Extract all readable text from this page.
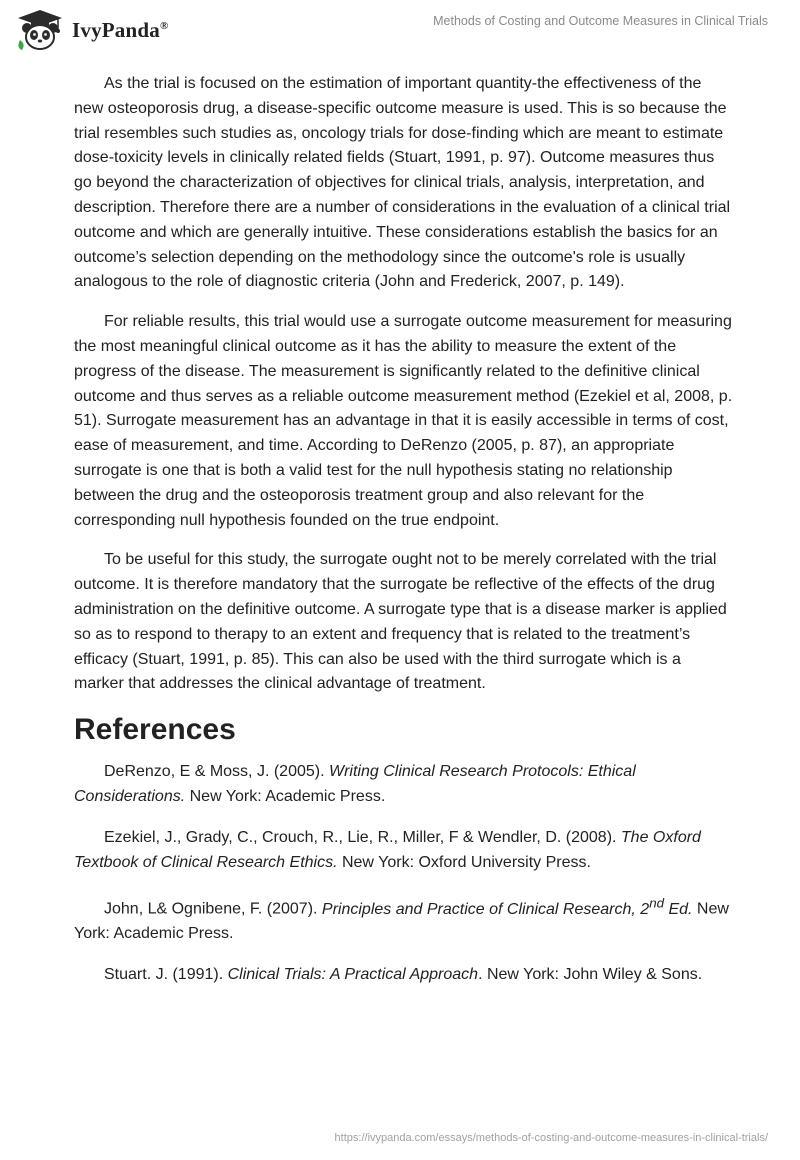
IvyPanda®	Methods of Costing and Outcome Measures in Clinical Trials

As the trial is focused on the estimation of important quantity-the effectiveness of the new osteoporosis drug, a disease-specific outcome measure is used. This is so because the trial resembles such studies as, oncology trials for dose-finding which are meant to estimate dose-toxicity levels in clinically related fields (Stuart, 1991, p. 97). Outcome measures thus go beyond the characterization of objectives for clinical trials, analysis, interpretation, and description. Therefore there are a number of considerations in the evaluation of a clinical trial outcome and which are generally intuitive. These considerations establish the basics for an outcome’s selection depending on the methodology since the outcome's role is usually analogous to the role of diagnostic criteria (John and Frederick, 2007, p. 149).

For reliable results, this trial would use a surrogate outcome measurement for measuring the most meaningful clinical outcome as it has the ability to measure the extent of the progress of the disease. The measurement is significantly related to the definitive clinical outcome and thus serves as a reliable outcome measurement method (Ezekiel et al, 2008, p. 51). Surrogate measurement has an advantage in that it is easily accessible in terms of cost, ease of measurement, and time. According to DeRenzo (2005, p. 87), an appropriate surrogate is one that is both a valid test for the null hypothesis stating no relationship between the drug and the osteoporosis treatment group and also relevant for the corresponding null hypothesis founded on the true endpoint.

To be useful for this study, the surrogate ought not to be merely correlated with the trial outcome. It is therefore mandatory that the surrogate be reflective of the effects of the drug administration on the definitive outcome. A surrogate type that is a disease marker is applied so as to respond to therapy to an extent and frequency that is related to the treatment’s efficacy (Stuart, 1991, p. 85). This can also be used with the third surrogate which is a marker that addresses the clinical advantage of treatment.

References

DeRenzo, E & Moss, J. (2005). Writing Clinical Research Protocols: Ethical Considerations. New York: Academic Press.

Ezekiel, J., Grady, C., Crouch, R., Lie, R., Miller, F & Wendler, D. (2008). The Oxford Textbook of Clinical Research Ethics. New York: Oxford University Press.

John, L& Ognibene, F. (2007). Principles and Practice of Clinical Research, 2nd Ed. New York: Academic Press.

Stuart. J. (1991). Clinical Trials: A Practical Approach. New York: John Wiley & Sons.

https://ivypanda.com/essays/methods-of-costing-and-outcome-measures-in-clinical-trials/
